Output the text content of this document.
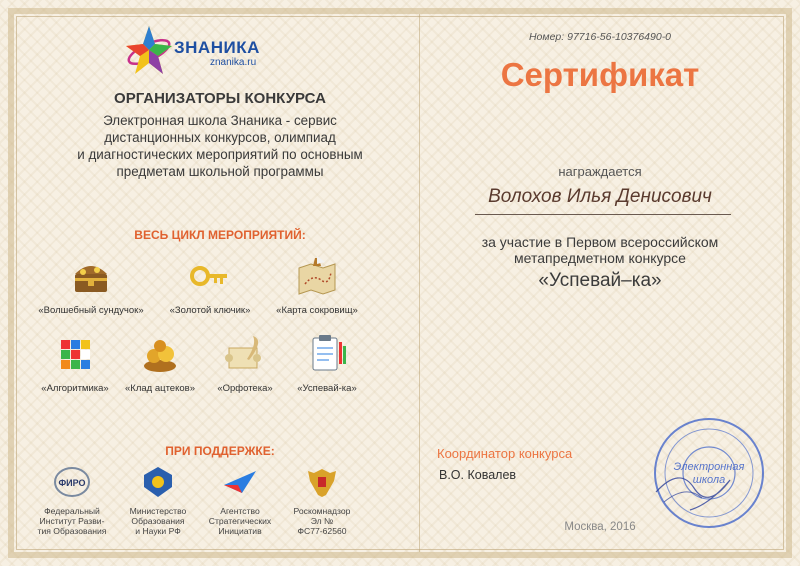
ЗНАНИКА
znanika.ru
ОРГАНИЗАТОРЫ КОНКУРСА
Электронная школа Знаника - сервис
дистанционных конкурсов, олимпиад
и диагностических мероприятий по основным
предметам школьной программы
ВЕСЬ ЦИКЛ МЕРОПРИЯТИЙ:
«Волшебный сундучок»	«Золотой ключик»	«Карта сокровищ»
«Алгоритмика»	«Клад ацтеков»	«Орфотека»	«Успевай-ка»
ПРИ ПОДДЕРЖКЕ:
ФИРО
Федеральный
Институт Разви-
тия Образования
Министерство
Образования
и Науки РФ
Агентство
Стратегических
Инициатив
Роскомнадзор
Эл №
ФС77-62560
Номер: 97716-56-10376490-0
Сертификат
награждается
Волохов Илья Денисович
за участие в Первом всероссийском
метапредметном конкурсе
«Успевай–ка»
Координатор конкурса
В.О. Ковалев
Москва, 2016
Электронная
школа
